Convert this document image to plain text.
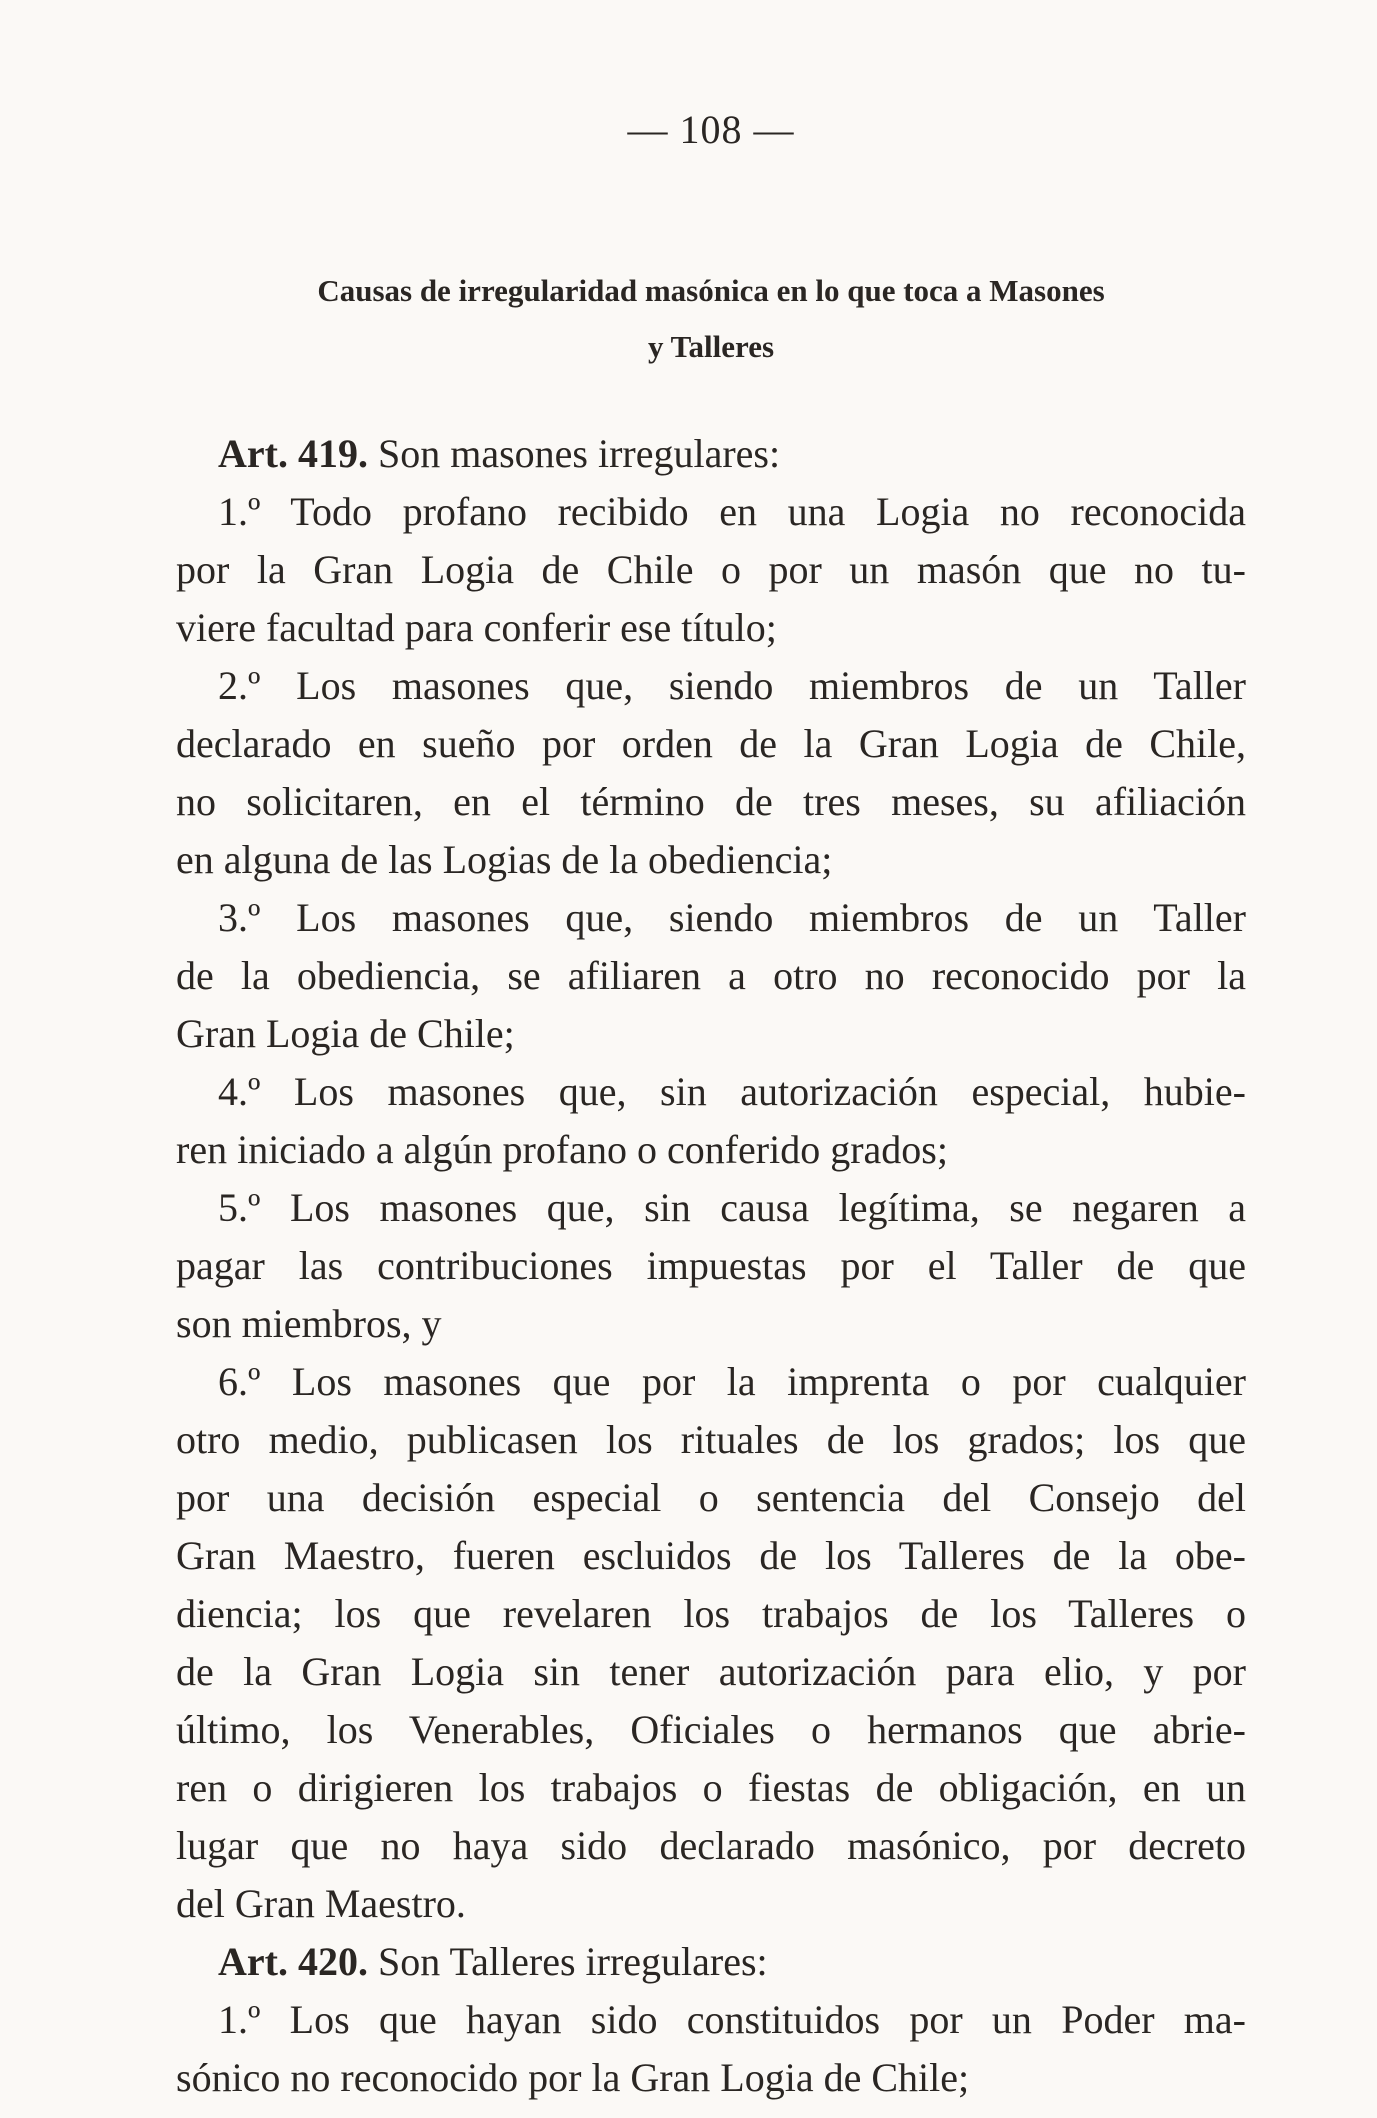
— 108 —
Causas de irregularidad masónica en lo que toca a Masones
y Talleres
Art. 419. Son masones irregulares:
1.º Todo profano recibido en una Logia no reconocida
por la Gran Logia de Chile o por un masón que no tu-
viere facultad para conferir ese título;
2.º Los masones que, siendo miembros de un Taller
declarado en sueño por orden de la Gran Logia de Chile,
no solicitaren, en el término de tres meses, su afiliación
en alguna de las Logias de la obediencia;
3.º Los masones que, siendo miembros de un Taller
de la obediencia, se afiliaren a otro no reconocido por la
Gran Logia de Chile;
4.º Los masones que, sin autorización especial, hubie-
ren iniciado a algún profano o conferido grados;
5.º Los masones que, sin causa legítima, se negaren a
pagar las contribuciones impuestas por el Taller de que
son miembros, y
6.º Los masones que por la imprenta o por cualquier
otro medio, publicasen los rituales de los grados; los que
por una decisión especial o sentencia del Consejo del
Gran Maestro, fueren escluidos de los Talleres de la obe-
diencia; los que revelaren los trabajos de los Talleres o
de la Gran Logia sin tener autorización para elio, y por
último, los Venerables, Oficiales o hermanos que abrie-
ren o dirigieren los trabajos o fiestas de obligación, en un
lugar que no haya sido declarado masónico, por decreto
del Gran Maestro.
Art. 420. Son Talleres irregulares:
1.º Los que hayan sido constituidos por un Poder ma-
sónico no reconocido por la Gran Logia de Chile;
